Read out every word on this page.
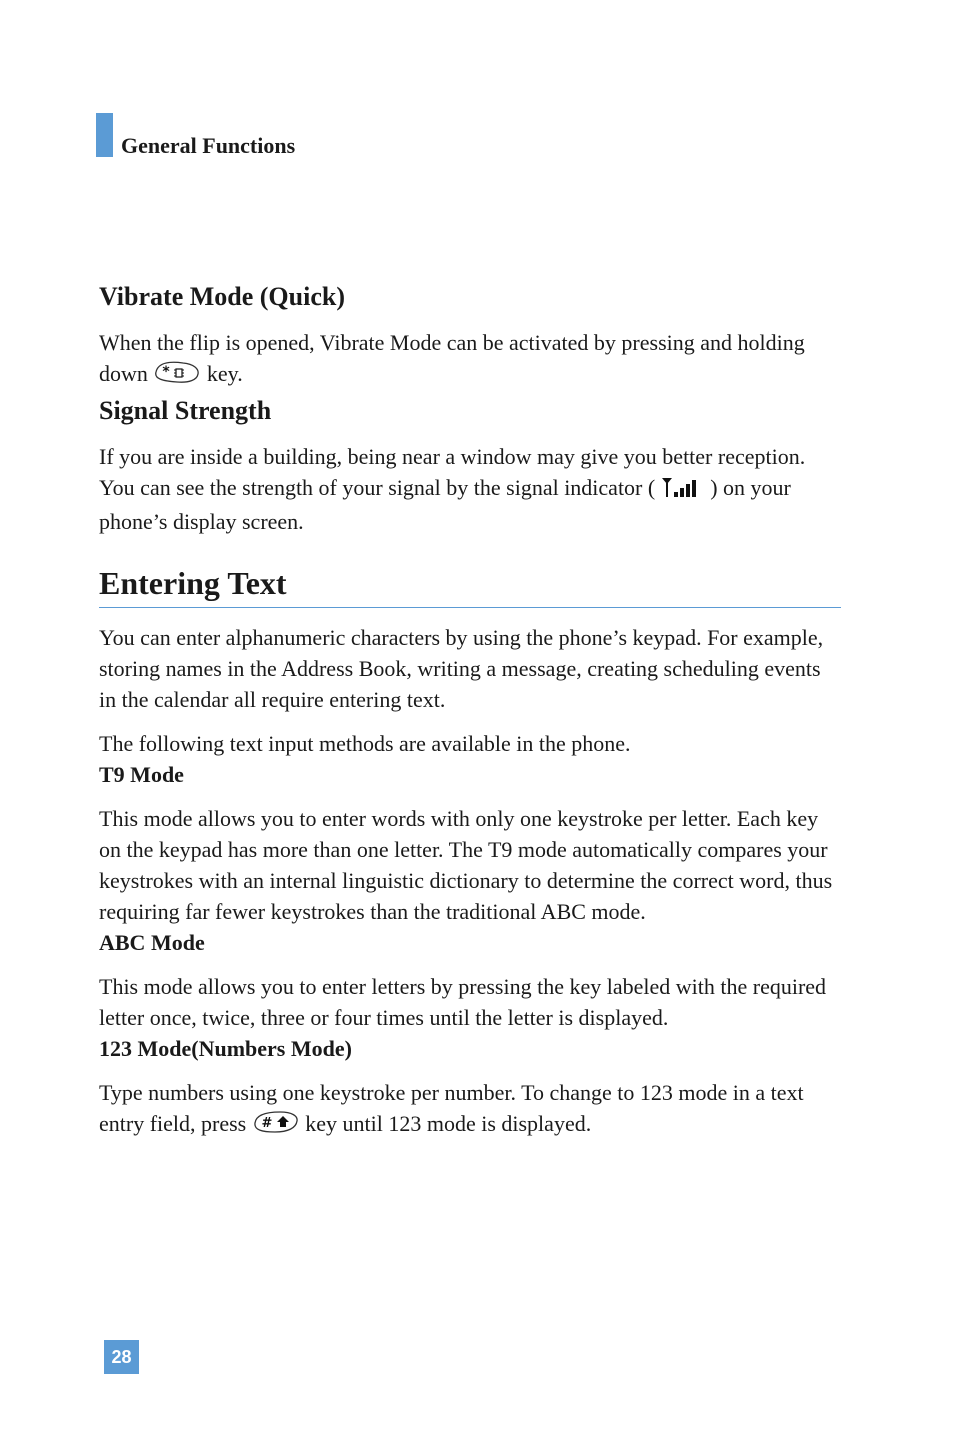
General Functions
Vibrate Mode (Quick)

When the flip is opened, Vibrate Mode can be activated by pressing and holding down * key.

Signal Strength

If you are inside a building, being near a window may give you better reception. You can see the strength of your signal by the signal indicator (  ) on your phone’s display screen.

Entering Text

You can enter alphanumeric characters by using the phone’s keypad. For example, storing names in the Address Book, writing a message, creating scheduling events in the calendar all require entering text.

The following text input methods are available in the phone.

T9 Mode

This mode allows you to enter words with only one keystroke per letter. Each key on the keypad has more than one letter. The T9 mode automatically compares your keystrokes with an internal linguistic dictionary to determine the correct word, thus requiring far fewer keystrokes than the traditional ABC mode.

ABC Mode

This mode allows you to enter letters by pressing the key labeled with the required letter once, twice, three or four times until the letter is displayed.

123 Mode(Numbers Mode)

Type numbers using one keystroke per number. To change to 123 mode in a text entry field, press # key until 123 mode is displayed.

28
